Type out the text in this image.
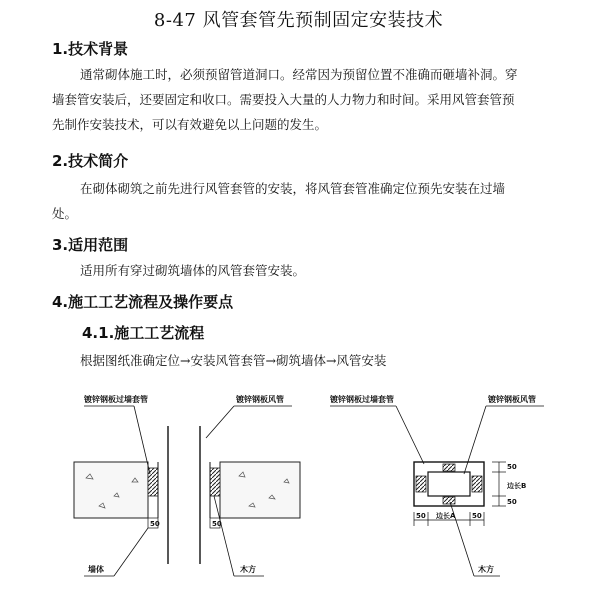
8-47 风管套管先预制固定安装技术
1.技术背景
通常砌体施工时，必须预留管道洞口。经常因为预留位置不准确而砸墙补洞。穿
墙套管安装后，还要固定和收口。需要投入大量的人力物力和时间。采用风管套管预
先制作安装技术，可以有效避免以上问题的发生。
2.技术简介
在砌体砌筑之前先进行风管套管的安装，将风管套管准确定位预先安装在过墙
处。
3.适用范围
适用所有穿过砌筑墙体的风管套管安装。
4.施工工艺流程及操作要点
4.1.施工工艺流程
根据图纸准确定位→安装风管套管→砌筑墙体→风管安装
镀锌钢板过墙套管	镀锌钢板风管
墙体	木方
50	50
镀锌钢板过墙套管	镀锌钢板风管
木方
50	50
边长A
50
50
边长B
